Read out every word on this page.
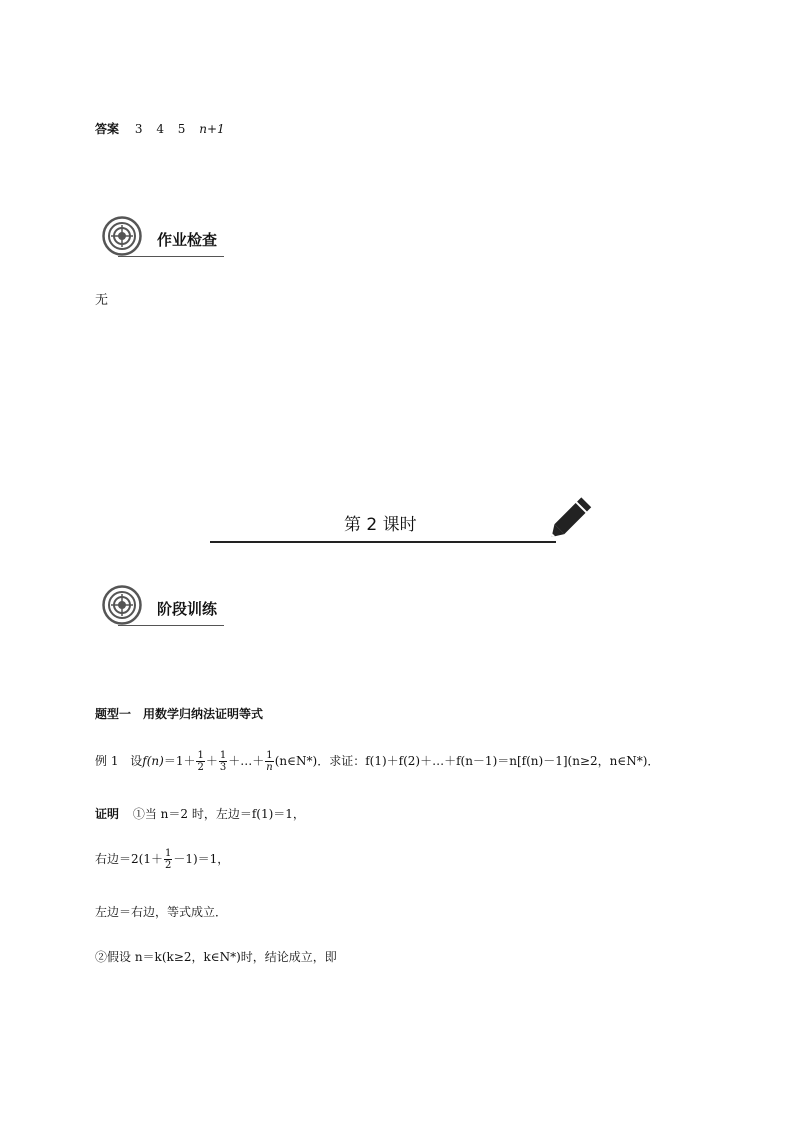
答案 3 4 5 n+1
作业检查
无
第 2 课时
阶段训练
题型一　用数学归纳法证明等式
例 1 设$f(n)=1+ \frac{1}{2} + \frac{1}{3}$ ＋…＋ $\frac{1}{n}$ (n∈N*)．求证：f(1)＋f(2)＋…＋f(n－1)＝n[f(n)－1](n≥2，n∈N*)．
证明 ①当 n＝2 时，左边＝f(1)＝1，
右边$=2(1+ \frac{1}{2} -1)=1$，
左边＝右边，等式成立．
②假设 n＝k(k≥2，k∈N*)时，结论成立，即
